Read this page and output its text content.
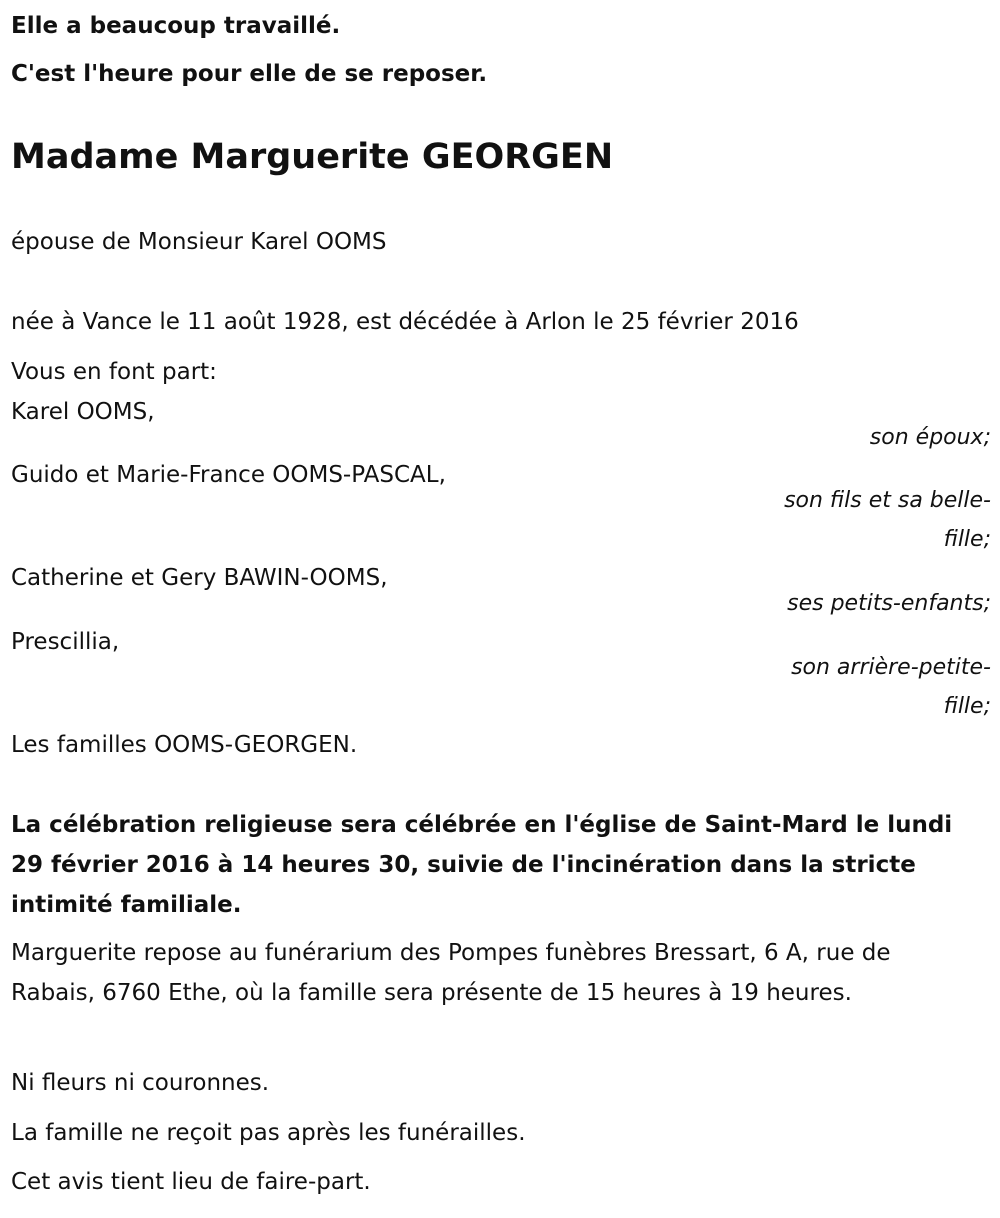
Elle a beaucoup travaillé.
C'est l'heure pour elle de se reposer.
Madame Marguerite GEORGEN
épouse de Monsieur Karel OOMS
née à Vance le 11 août 1928, est décédée à Arlon le 25 février 2016
Vous en font part:
Karel OOMS,
son époux;
Guido et Marie-France OOMS-PASCAL,
son fils et sa belle-fille;
Catherine et Gery BAWIN-OOMS,
ses petits-enfants;
Prescillia,
son arrière-petite-fille;
Les familles OOMS-GEORGEN.
La célébration religieuse sera célébrée en l'église de Saint-Mard le lundi 29 février 2016 à 14 heures 30, suivie de l'incinération dans la stricte intimité familiale.
Marguerite repose au funérarium des Pompes funèbres Bressart, 6 A, rue de Rabais, 6760 Ethe, où la famille sera présente de 15 heures à 19 heures.
Ni fleurs ni couronnes.
La famille ne reçoit pas après les funérailles.
Cet avis tient lieu de faire-part.
